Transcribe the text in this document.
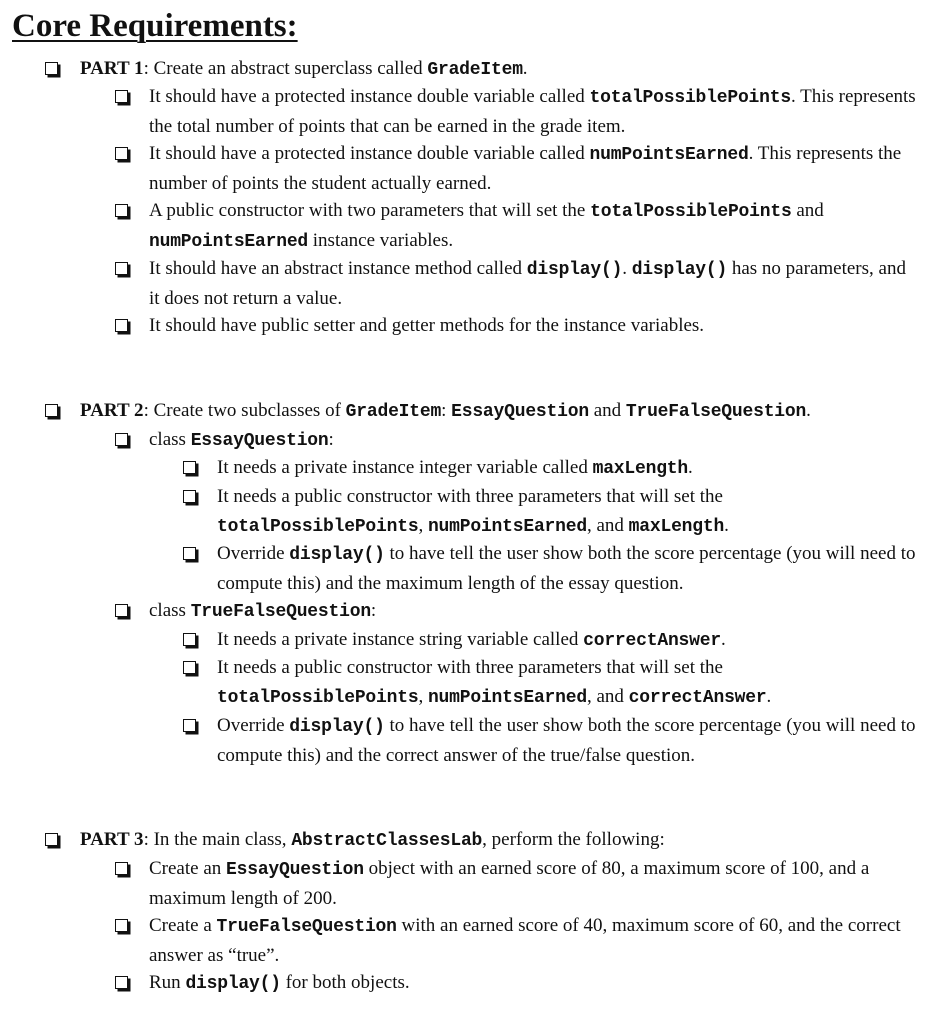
Core Requirements:
PART 1: Create an abstract superclass called GradeItem.
It should have a protected instance double variable called totalPossiblePoints. This represents the total number of points that can be earned in the grade item.
It should have a protected instance double variable called numPointsEarned. This represents the number of points the student actually earned.
A public constructor with two parameters that will set the totalPossiblePoints and numPointsEarned instance variables.
It should have an abstract instance method called display(). display() has no parameters, and it does not return a value.
It should have public setter and getter methods for the instance variables.
PART 2: Create two subclasses of GradeItem: EssayQuestion and TrueFalseQuestion.
class EssayQuestion:
It needs a private instance integer variable called maxLength.
It needs a public constructor with three parameters that will set the totalPossiblePoints, numPointsEarned, and maxLength.
Override display() to have tell the user show both the score percentage (you will need to compute this) and the maximum length of the essay question.
class TrueFalseQuestion:
It needs a private instance string variable called correctAnswer.
It needs a public constructor with three parameters that will set the totalPossiblePoints, numPointsEarned, and correctAnswer.
Override display() to have tell the user show both the score percentage (you will need to compute this) and the correct answer of the true/false question.
PART 3: In the main class, AbstractClassesLab, perform the following:
Create an EssayQuestion object with an earned score of 80, a maximum score of 100, and a maximum length of 200.
Create a TrueFalseQuestion with an earned score of 40, maximum score of 60, and the correct answer as “true”.
Run display() for both objects.
